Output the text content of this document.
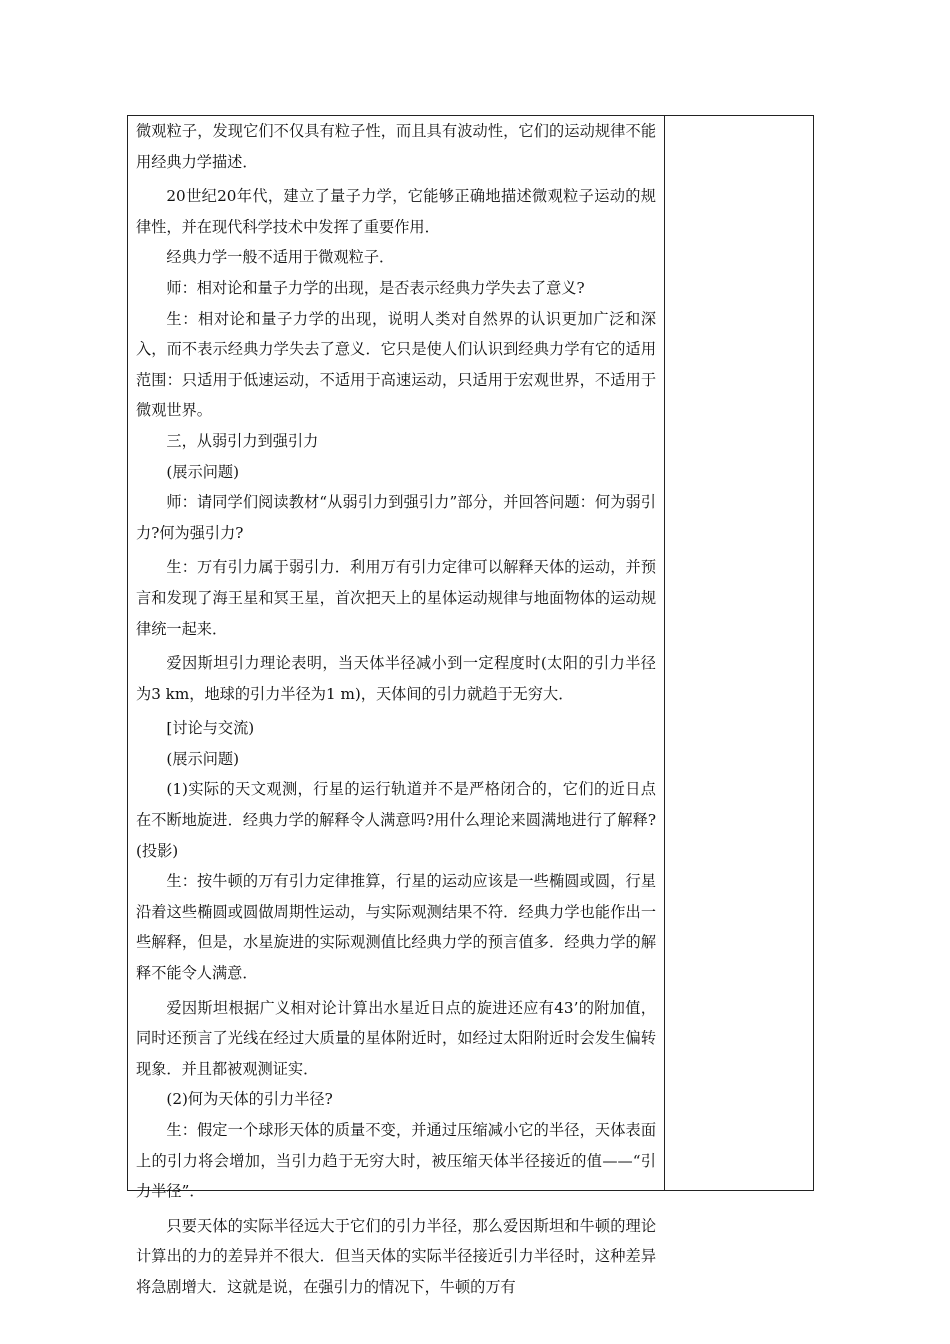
微观粒子，发现它们不仅具有粒子性，而且具有波动性，它们的运动规律不能用经典力学描述．

20世纪20年代，建立了量子力学，它能够正确地描述微观粒子运动的规律性，并在现代科学技术中发挥了重要作用．

经典力学一般不适用于微观粒子．

师：相对论和量子力学的出现，是否表示经典力学失去了意义?

生：相对论和量子力学的出现，说明人类对自然界的认识更加广泛和深入，而不表示经典力学失去了意义．它只是使人们认识到经典力学有它的适用范围：只适用于低速运动，不适用于高速运动，只适用于宏观世界，不适用于微观世界。

三，从弱引力到强引力

(展示问题)

师：请同学们阅读教材“从弱引力到强引力”部分，并回答问题：何为弱引力?何为强引力?

生：万有引力属于弱引力．利用万有引力定律可以解释天体的运动，并预言和发现了海王星和冥王星，首次把天上的星体运动规律与地面物体的运动规律统一起来．

爱因斯坦引力理论表明，当天体半径减小到一定程度时(太阳的引力半径为3 km，地球的引力半径为1 m)，天体间的引力就趋于无穷大．

[讨论与交流)

(展示问题)

(1)实际的天文观测，行星的运行轨道并不是严格闭合的，它们的近日点在不断地旋进．经典力学的解释令人满意吗?用什么理论来圆满地进行了解释?(投影)

生：按牛顿的万有引力定律推算，行星的运动应该是一些椭圆或圆，行星沿着这些椭圆或圆做周期性运动，与实际观测结果不符．经典力学也能作出一些解释，但是，水星旋进的实际观测值比经典力学的预言值多．经典力学的解释不能令人满意．

爱因斯坦根据广义相对论计算出水星近日点的旋进还应有43’的附加值，同时还预言了光线在经过大质量的星体附近时，如经过太阳附近时会发生偏转现象．并且都被观测证实．

(2)何为天体的引力半径?

生：假定一个球形天体的质量不变，并通过压缩减小它的半径，天体表面上的引力将会增加，当引力趋于无穷大时，被压缩天体半径接近的值——“引力半径”．

只要天体的实际半径远大于它们的引力半径，那么爱因斯坦和牛顿的理论计算出的力的差异并不很大．但当天体的实际半径接近引力半径时，这种差异将急剧增大．这就是说，在强引力的情况下，牛顿的万有
